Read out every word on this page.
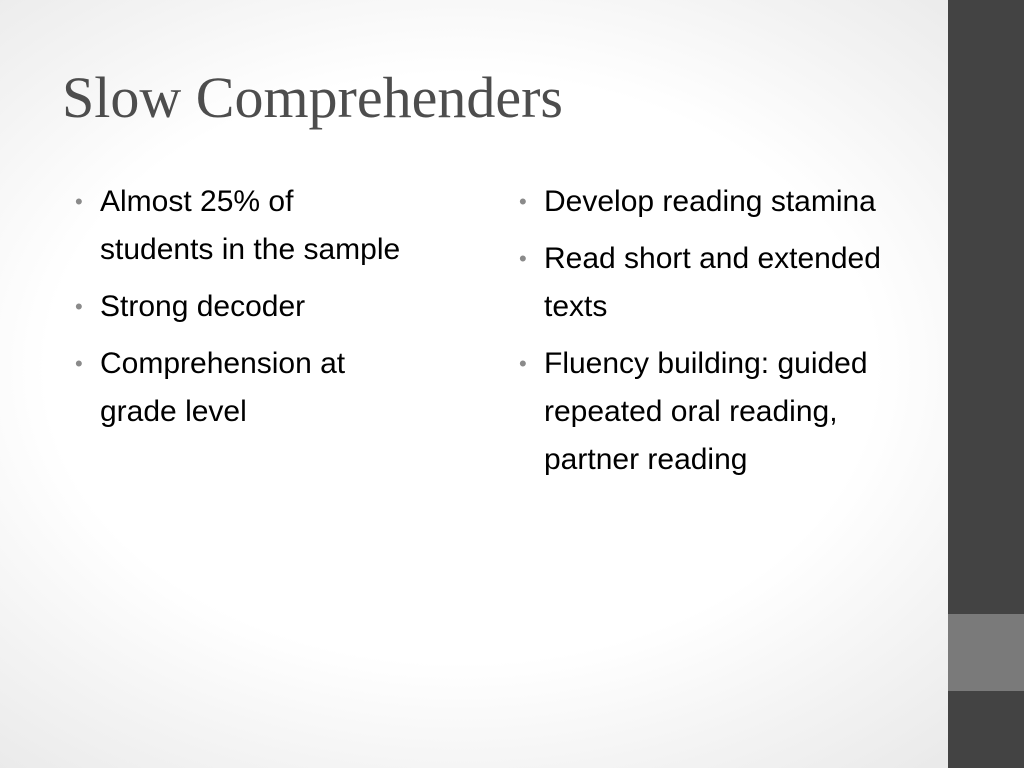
Slow Comprehenders
• Almost 25% of students in the sample
• Strong decoder
• Comprehension at grade level
• Develop reading stamina
• Read short and extended texts
• Fluency building: guided repeated oral reading, partner reading
